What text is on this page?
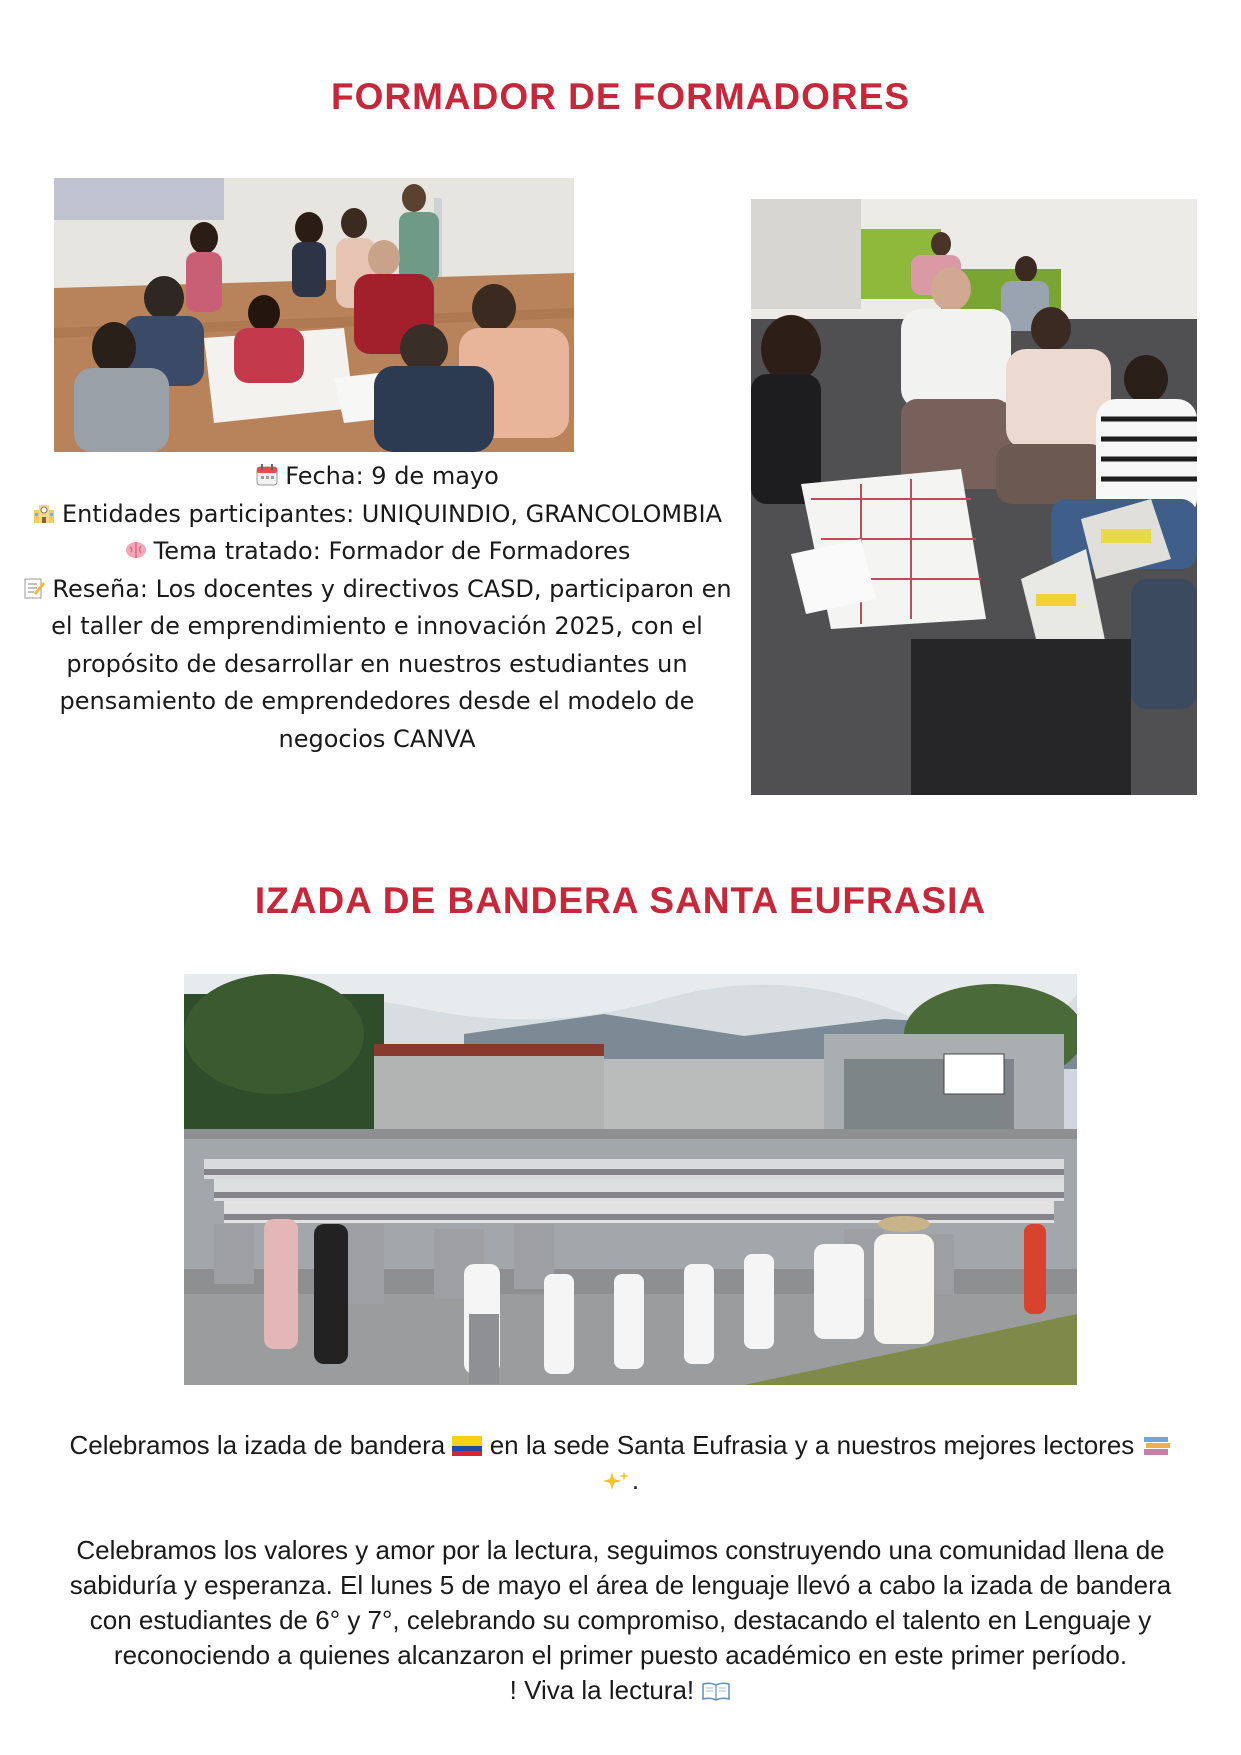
FORMADOR DE FORMADORES

Fecha: 9 de mayo

Entidades participantes: UNIQUINDIO, GRANCOLOMBIA

Tema tratado: Formador de Formadores

Reseña: Los docentes y directivos CASD, participaron en el taller de emprendimiento e innovación 2025, con el propósito de desarrollar en nuestros estudiantes un pensamiento de emprendedores desde el modelo de negocios CANVA

IZADA DE BANDERA SANTA EUFRASIA

Celebramos la izada de bandera en la sede Santa Eufrasia y a nuestros mejores lectores .

Celebramos los valores y amor por la lectura, seguimos construyendo una comunidad llena de sabiduría y esperanza. El lunes 5 de mayo el área de lenguaje llevó a cabo la izada de bandera con estudiantes de 6° y 7°, celebrando su compromiso, destacando el talento en Lenguaje y reconociendo a quienes alcanzaron el primer puesto académico en este primer período.

! Viva la lectura!
